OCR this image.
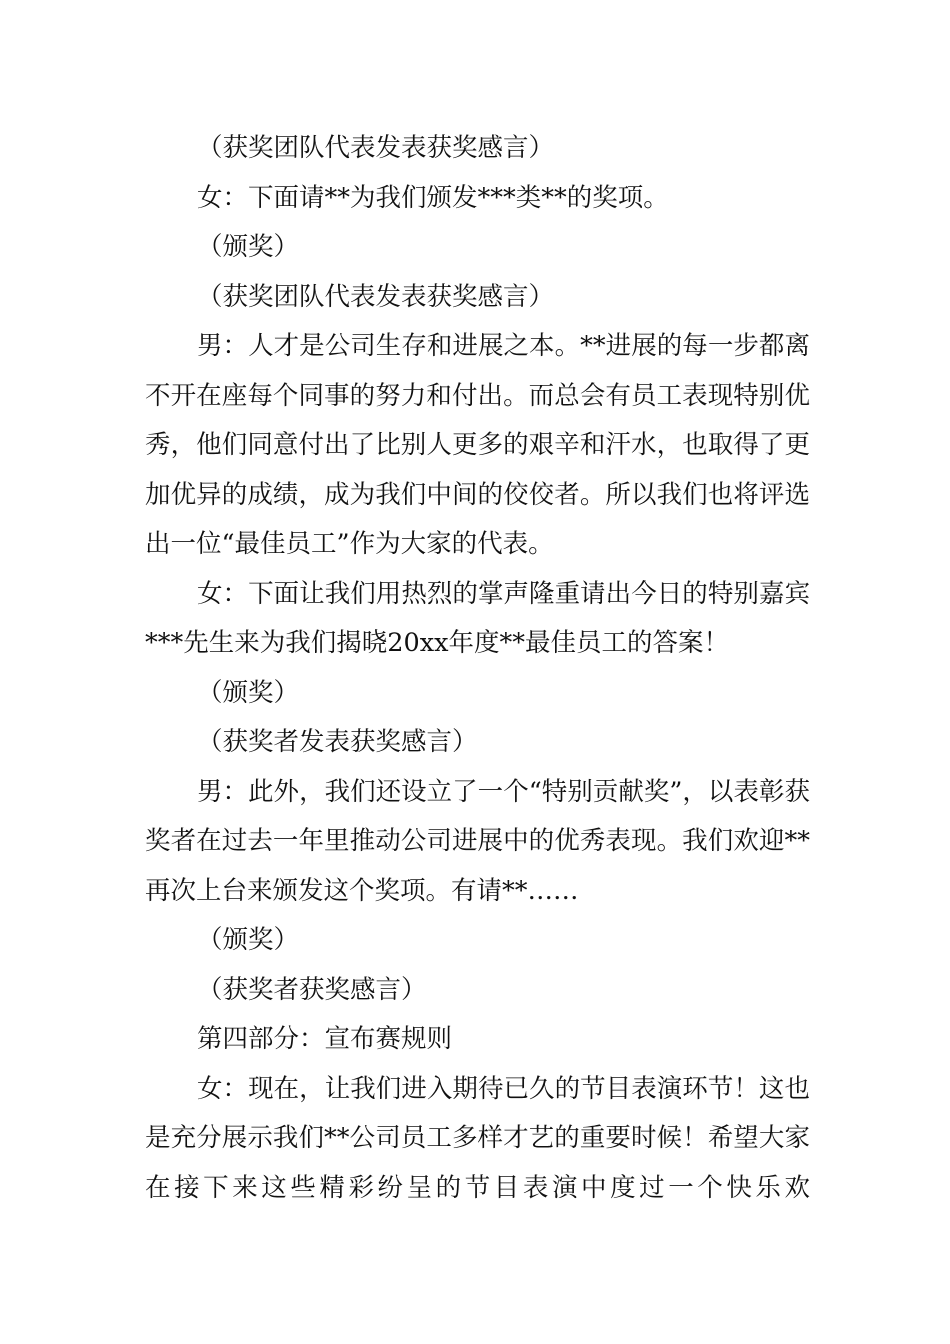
（获奖团队代表发表获奖感言）

女：下面请**为我们颁发***类**的奖项。

（颁奖）

（获奖团队代表发表获奖感言）

男：人才是公司生存和进展之本。**进展的每一步都离不开在座每个同事的努力和付出。而总会有员工表现特别优秀，他们同意付出了比别人更多的艰辛和汗水，也取得了更加优异的成绩，成为我们中间的佼佼者。所以我们也将评选出一位“最佳员工”作为大家的代表。

女：下面让我们用热烈的掌声隆重请出今日的特别嘉宾***先生来为我们揭晓20xx年度**最佳员工的答案！

（颁奖）

（获奖者发表获奖感言）

男：此外，我们还设立了一个“特别贡献奖”，以表彰获奖者在过去一年里推动公司进展中的优秀表现。我们欢迎**再次上台来颁发这个奖项。有请**……

（颁奖）

（获奖者获奖感言）

第四部分：宣布赛规则

女：现在，让我们进入期待已久的节目表演环节！这也是充分展示我们**公司员工多样才艺的重要时候！希望大家在接下来这些精彩纷呈的节目表演中度过一个快乐欢
